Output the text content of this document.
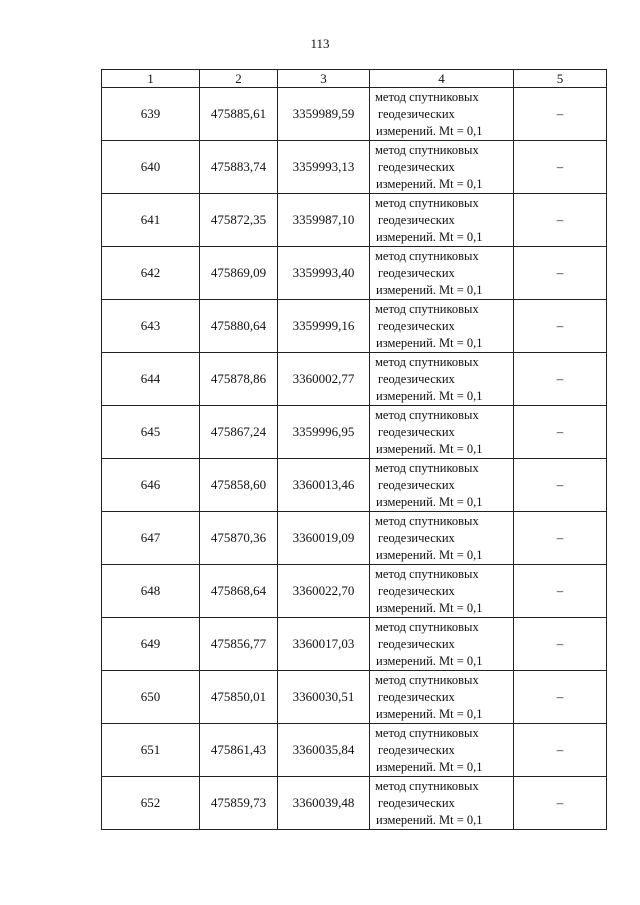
113
1	2	3	4	5
639	475885,61	3359989,59	метод спутниковых
геодезических
измерений. Mt = 0,1	–
640	475883,74	3359993,13	метод спутниковых
геодезических
измерений. Mt = 0,1	–
641	475872,35	3359987,10	метод спутниковых
геодезических
измерений. Mt = 0,1	–
642	475869,09	3359993,40	метод спутниковых
геодезических
измерений. Mt = 0,1	–
643	475880,64	3359999,16	метод спутниковых
геодезических
измерений. Mt = 0,1	–
644	475878,86	3360002,77	метод спутниковых
геодезических
измерений. Mt = 0,1	–
645	475867,24	3359996,95	метод спутниковых
геодезических
измерений. Mt = 0,1	–
646	475858,60	3360013,46	метод спутниковых
геодезических
измерений. Mt = 0,1	–
647	475870,36	3360019,09	метод спутниковых
геодезических
измерений. Mt = 0,1	–
648	475868,64	3360022,70	метод спутниковых
геодезических
измерений. Mt = 0,1	–
649	475856,77	3360017,03	метод спутниковых
геодезических
измерений. Mt = 0,1	–
650	475850,01	3360030,51	метод спутниковых
геодезических
измерений. Mt = 0,1	–
651	475861,43	3360035,84	метод спутниковых
геодезических
измерений. Mt = 0,1	–
652	475859,73	3360039,48	метод спутниковых
геодезических
измерений. Mt = 0,1	–
